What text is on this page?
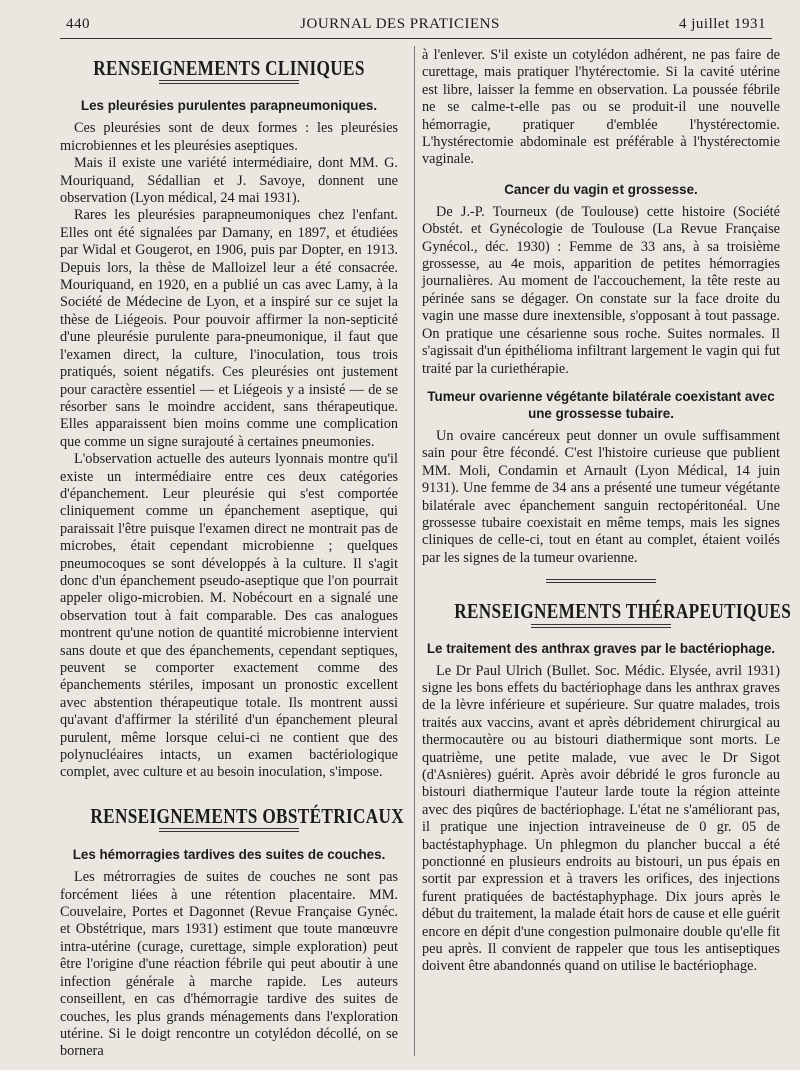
440	JOURNAL DES PRATICIENS	4 juillet 1931
RENSEIGNEMENTS CLINIQUES
Les pleurésies purulentes parapneumoniques.

Ces pleurésies sont de deux formes : les pleurésies microbiennes et les pleurésies aseptiques.

Mais il existe une variété intermédiaire, dont MM. G. Mouriquand, Sédallian et J. Savoye, donnent une observation (Lyon médical, 24 mai 1931).

Rares les pleurésies parapneumoniques chez l'enfant. Elles ont été signalées par Damany, en 1897, et étudiées par Widal et Gougerot, en 1906, puis par Dopter, en 1913. Depuis lors, la thèse de Malloizel leur a été consacrée. Mouriquand, en 1920, en a publié un cas avec Lamy, à la Société de Médecine de Lyon, et a inspiré sur ce sujet la thèse de Liégeois. Pour pouvoir affirmer la non-septicité d'une pleurésie purulente para-pneumonique, il faut que l'examen direct, la culture, l'inoculation, tous trois pratiqués, soient négatifs. Ces pleurésies ont justement pour caractère essentiel — et Liégeois y a insisté — de se résorber sans le moindre accident, sans thérapeutique. Elles apparaissent bien moins comme une complication que comme un signe surajouté à certaines pneumonies.

L'observation actuelle des auteurs lyonnais montre qu'il existe un intermédiaire entre ces deux catégories d'épanchement. Leur pleurésie qui s'est comportée cliniquement comme un épanchement aseptique, qui paraissait l'être puisque l'examen direct ne montrait pas de microbes, était cependant microbienne ; quelques pneumocoques se sont développés à la culture. Il s'agit donc d'un épanchement pseudo-aseptique que l'on pourrait appeler oligo-microbien. M. Nobécourt en a signalé une observation tout à fait comparable. Des cas analogues montrent qu'une notion de quantité microbienne intervient sans doute et que des épanchements, cependant septiques, peuvent se comporter exactement comme des épanchements stériles, imposant un pronostic excellent avec abstention thérapeutique totale. Ils montrent aussi qu'avant d'affirmer la stérilité d'un épanchement pleural purulent, même lorsque celui-ci ne contient que des polynucléaires intacts, un examen bactériologique complet, avec culture et au besoin inoculation, s'impose.

RENSEIGNEMENTS OBSTÉTRICAUX
Les hémorragies tardives des suites de couches.

Les métrorragies de suites de couches ne sont pas forcément liées à une rétention placentaire. MM. Couvelaire, Portes et Dagonnet (Revue Française Gynéc. et Obstétrique, mars 1931) estiment que toute manœuvre intra-utérine (curage, curettage, simple exploration) peut être l'origine d'une réaction fébrile qui peut aboutir à une infection générale à marche rapide. Les auteurs conseillent, en cas d'hémorragie tardive des suites de couches, les plus grands ménagements dans l'exploration utérine. Si le doigt rencontre un cotylédon décollé, on se bornera

à l'enlever. S'il existe un cotylédon adhérent, ne pas faire de curettage, mais pratiquer l'hytérectomie. Si la cavité utérine est libre, laisser la femme en observation. La poussée fébrile ne se calme-t-elle pas ou se produit-il une nouvelle hémorragie, pratiquer d'emblée l'hystérectomie. L'hystérectomie abdominale est préférable à l'hystérectomie vaginale.

Cancer du vagin et grossesse.

De J.-P. Tourneux (de Toulouse) cette histoire (Société Obstét. et Gynécologie de Toulouse (La Revue Française Gynécol., déc. 1930) : Femme de 33 ans, à sa troisième grossesse, au 4e mois, apparition de petites hémorragies journalières. Au moment de l'accouchement, la tête reste au périnée sans se dégager. On constate sur la face droite du vagin une masse dure inextensible, s'opposant à tout passage. On pratique une césarienne sous roche. Suites normales. Il s'agissait d'un épithélioma infiltrant largement le vagin qui fut traité par la curiethérapie.

Tumeur ovarienne végétante bilatérale coexistant avec une grossesse tubaire.

Un ovaire cancéreux peut donner un ovule suffisamment sain pour être fécondé. C'est l'histoire curieuse que publient MM. Moli, Condamin et Arnault (Lyon Médical, 14 juin 9131). Une femme de 34 ans a présenté une tumeur végétante bilatérale avec épanchement sanguin rectopéritonéal. Une grossesse tubaire coexistait en même temps, mais les signes cliniques de celle-ci, tout en étant au complet, étaient voilés par les signes de la tumeur ovarienne.

RENSEIGNEMENTS THÉRAPEUTIQUES
Le traitement des anthrax graves par le bactériophage.

Le Dr Paul Ulrich (Bullet. Soc. Médic. Elysée, avril 1931) signe les bons effets du bactériophage dans les anthrax graves de la lèvre inférieure et supérieure. Sur quatre malades, trois traités aux vaccins, avant et après débridement chirurgical au thermocautère ou au bistouri diathermique sont morts. Le quatrième, une petite malade, vue avec le Dr Sigot (d'Asnières) guérit. Après avoir débridé le gros furoncle au bistouri diathermique l'auteur larde toute la région atteinte avec des piqûres de bactériophage. L'état ne s'améliorant pas, il pratique une injection intraveineuse de 0 gr. 05 de bactéstaphyphage. Un phlegmon du plancher buccal a été ponctionné en plusieurs endroits au bistouri, un pus épais en sortit par expression et à travers les orifices, des injections furent pratiquées de bactéstaphyphage. Dix jours après le début du traitement, la malade était hors de cause et elle guérit encore en dépit d'une congestion pulmonaire double qu'elle fit peu après. Il convient de rappeler que tous les antiseptiques doivent être abandonnés quand on utilise le bactériophage.
